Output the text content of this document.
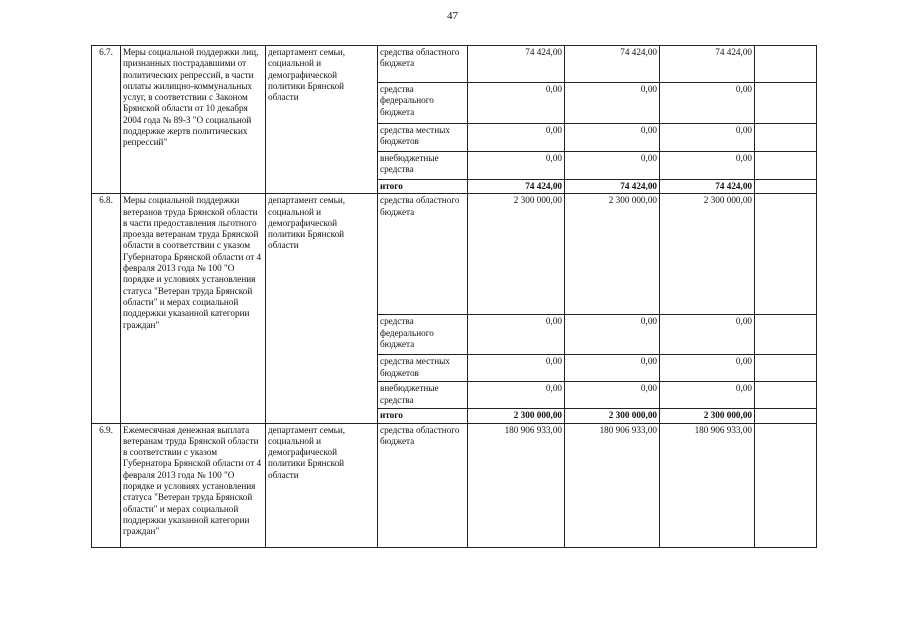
47
6.7.	Меры социальной поддержки лиц, признанных пострадавшими от политических репрессий, в части оплаты жилищно-коммунальных услуг, в соответствии с Законом Брянской области от 10 декабря 2004 года № 89-З "О социальной поддержке жертв политических репрессий"	департамент семьи, социальной и демографической политики Брянской области	средства областного бюджета	74 424,00	74 424,00	74 424,00	
			средства федерального бюджета	0,00	0,00	0,00	
			средства местных бюджетов	0,00	0,00	0,00	
			внебюджетные средства	0,00	0,00	0,00	
			итого	74 424,00	74 424,00	74 424,00	
6.8.	Меры социальной поддержки ветеранов труда Брянской области в части предоставления льготного проезда ветеранам труда Брянской области в соответствии с указом Губернатора Брянской области от 4 февраля 2013 года № 100 "О порядке и условиях установления статуса "Ветеран труда Брянской области" и мерах социальной поддержки указанной категории граждан"	департамент семьи, социальной и демографической политики Брянской области	средства областного бюджета	2 300 000,00	2 300 000,00	2 300 000,00	
			средства федерального бюджета	0,00	0,00	0,00	
			средства местных бюджетов	0,00	0,00	0,00	
			внебюджетные средства	0,00	0,00	0,00	
			итого	2 300 000,00	2 300 000,00	2 300 000,00	
6.9.	Ежемесячная денежная выплата ветеранам труда Брянской области в соответствии с указом Губернатора Брянской области от 4 февраля 2013 года № 100 "О порядке и условиях установления статуса "Ветеран труда Брянской области" и мерах социальной поддержки указанной категории граждан"	департамент семьи, социальной и демографической политики Брянской области	средства областного бюджета	180 906 933,00	180 906 933,00	180 906 933,00	
